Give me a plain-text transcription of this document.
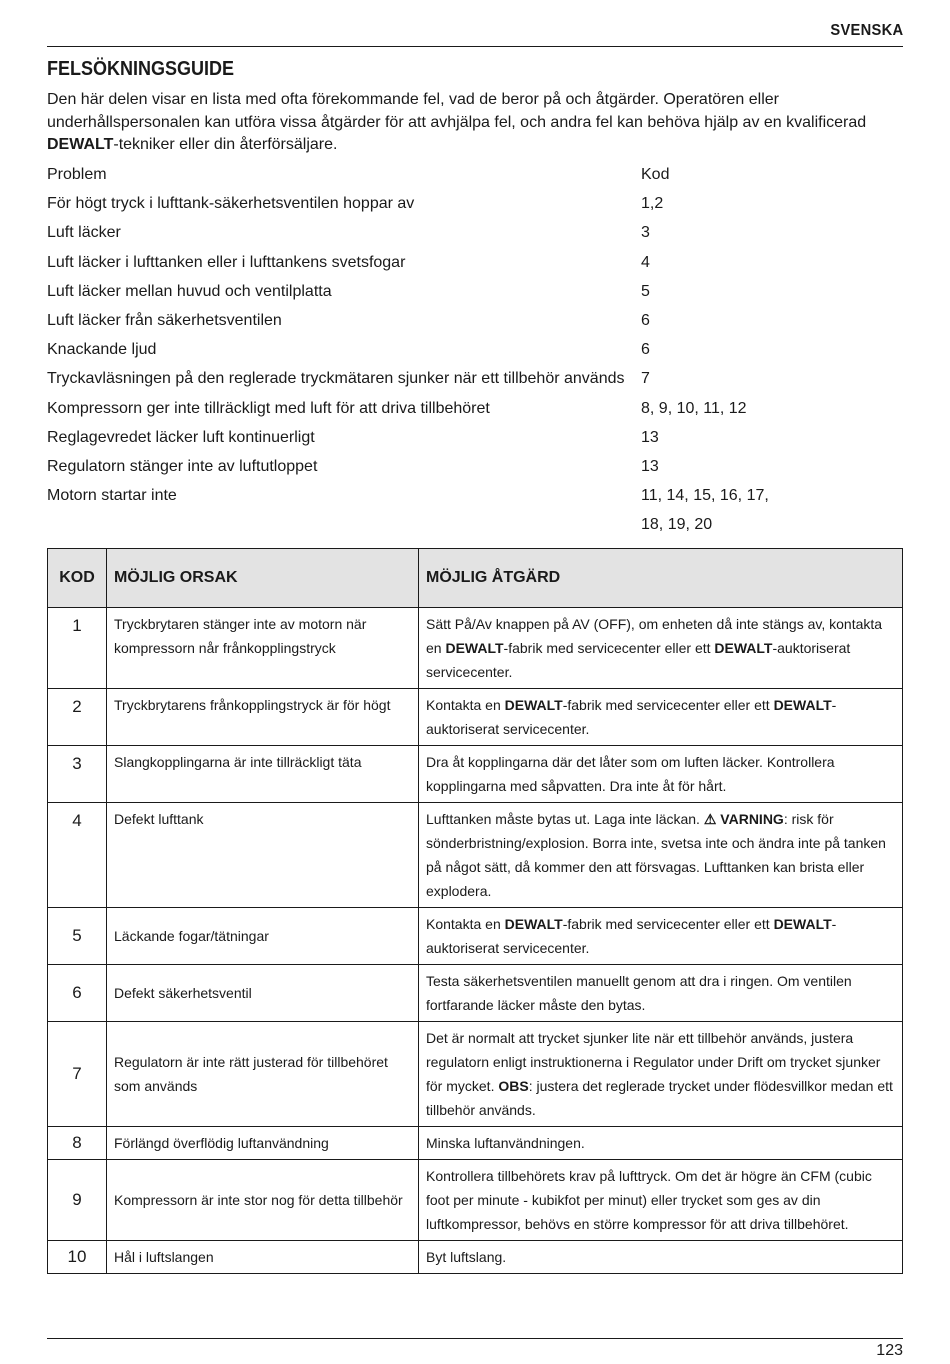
SVENSKA
FELSÖKNINGSGUIDE
Den här delen visar en lista med ofta förekommande fel, vad de beror på och åtgärder. Operatören eller underhållspersonalen kan utföra vissa åtgärder för att avhjälpa fel, och andra fel kan behöva hjälp av en kvalificerad DEWALT-tekniker eller din återförsäljare.
Problem	Kod
För högt tryck i lufttank-säkerhetsventilen hoppar av	1,2
Luft läcker	3
Luft läcker i lufttanken eller i lufttankens svetsfogar	4
Luft läcker mellan huvud och ventilplatta	5
Luft läcker från säkerhetsventilen	6
Knackande ljud	6
Tryckavläsningen på den reglerade tryckmätaren sjunker när ett tillbehör används 7
Kompressorn ger inte tillräckligt med luft för att driva tillbehöret	8, 9, 10, 11, 12
Reglagevredet läcker luft kontinuerligt	13
Regulatorn stänger inte av luftutloppet	13
Motorn startar inte	11, 14, 15, 16, 17,
18, 19, 20
KOD	MÖJLIG ORSAK	MÖJLIG ÅTGÄRD
1	Tryckbrytaren stänger inte av motorn när kompressorn når frånkopplingstryck	Sätt På/Av knappen på AV (OFF), om enheten då inte stängs av, kontakta en DEWALT-fabrik med servicecenter eller ett DEWALT-auktoriserat servicecenter.
2	Tryckbrytarens frånkopplingstryck är för högt	Kontakta en DEWALT-fabrik med servicecenter eller ett DEWALT-auktoriserat servicecenter.
3	Slangkopplingarna är inte tillräckligt täta	Dra åt kopplingarna där det låter som om luften läcker. Kontrollera kopplingarna med såpvatten. Dra inte åt för hårt.
4	Defekt lufttank	Lufttanken måste bytas ut. Laga inte läckan. ⚠ VARNING: risk för sönderbristning/explosion. Borra inte, svetsa inte och ändra inte på tanken på något sätt, då kommer den att försvagas. Lufttanken kan brista eller explodera.
5	Läckande fogar/tätningar	Kontakta en DEWALT-fabrik med servicecenter eller ett DEWALT-auktoriserat servicecenter.
6	Defekt säkerhetsventil	Testa säkerhetsventilen manuellt genom att dra i ringen. Om ventilen fortfarande läcker måste den bytas.
7	Regulatorn är inte rätt justerad för tillbehöret som används	Det är normalt att trycket sjunker lite när ett tillbehör används, justera regulatorn enligt instruktionerna i Regulator under Drift om trycket sjunker för mycket. OBS: justera det reglerade trycket under flödesvillkor medan ett tillbehör används.
8	Förlängd överflödig luftanvändning	Minska luftanvändningen.
9	Kompressorn är inte stor nog för detta tillbehör	Kontrollera tillbehörets krav på lufttryck. Om det är högre än CFM (cubic foot per minute - kubikfot per minut) eller trycket som ges av din luftkompressor, behövs en större kompressor för att driva tillbehöret.
10	Hål i luftslangen	Byt luftslang.
123
